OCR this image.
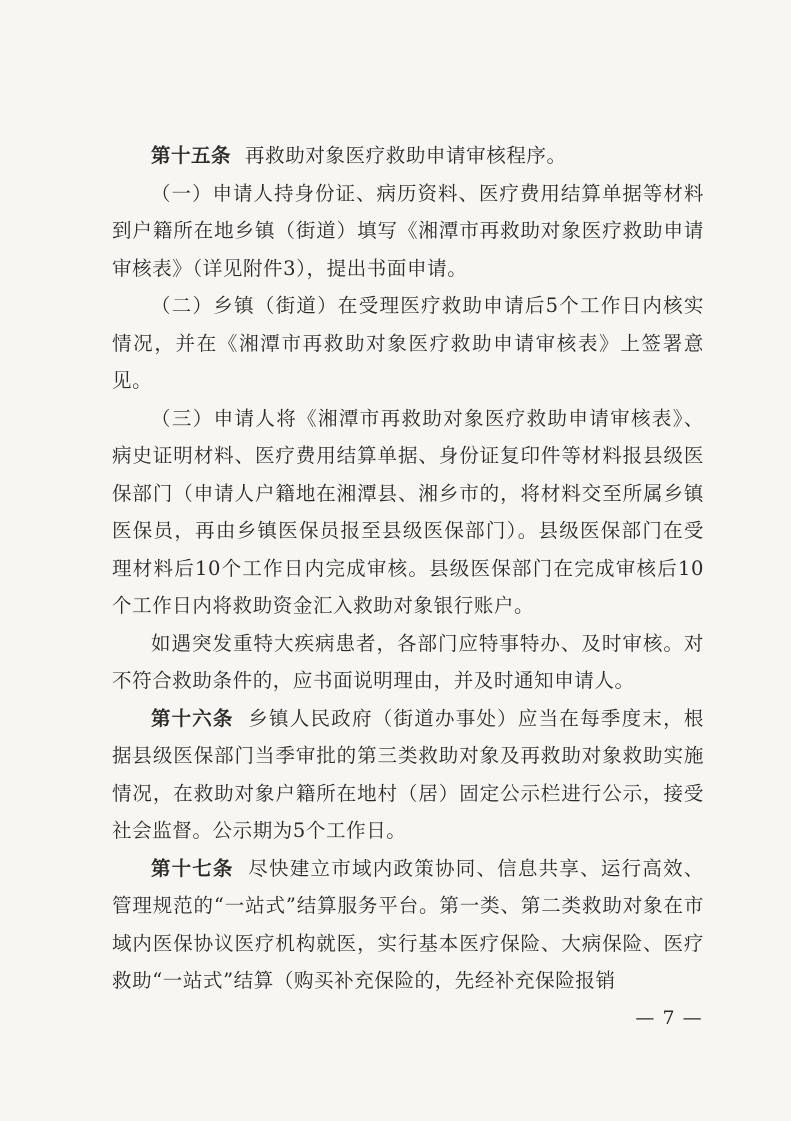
第十五条 再救助对象医疗救助申请审核程序。

（一）申请人持身份证、病历资料、医疗费用结算单据等材料到户籍所在地乡镇（街道）填写《湘潭市再救助对象医疗救助申请审核表》（详见附件3），提出书面申请。

（二）乡镇（街道）在受理医疗救助申请后5个工作日内核实情况，并在《湘潭市再救助对象医疗救助申请审核表》上签署意见。

（三）申请人将《湘潭市再救助对象医疗救助申请审核表》、病史证明材料、医疗费用结算单据、身份证复印件等材料报县级医保部门（申请人户籍地在湘潭县、湘乡市的，将材料交至所属乡镇医保员，再由乡镇医保员报至县级医保部门）。县级医保部门在受理材料后10个工作日内完成审核。县级医保部门在完成审核后10个工作日内将救助资金汇入救助对象银行账户。

如遇突发重特大疾病患者，各部门应特事特办、及时审核。对不符合救助条件的，应书面说明理由，并及时通知申请人。

第十六条 乡镇人民政府（街道办事处）应当在每季度末，根据县级医保部门当季审批的第三类救助对象及再救助对象救助实施情况，在救助对象户籍所在地村（居）固定公示栏进行公示，接受社会监督。公示期为5个工作日。

第十七条 尽快建立市域内政策协同、信息共享、运行高效、管理规范的“一站式”结算服务平台。第一类、第二类救助对象在市域内医保协议医疗机构就医，实行基本医疗保险、大病保险、医疗救助“一站式”结算（购买补充保险的，先经补充保险报销

— 7 —
